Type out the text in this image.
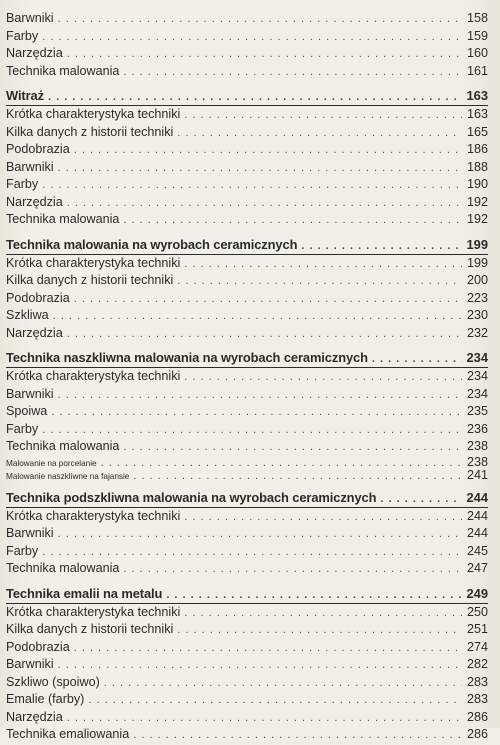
Barwniki . . .	158
Farby . . .	159
Narzędzia . . .	160
Technika malowania . . .	161
Witraż . . .	163
Krótka charakterystyka techniki . . .	163
Kilka danych z historii techniki . . .	165
Podobrazia . . .	186
Barwniki . . .	188
Farby . . .	190
Narzędzia . . .	192
Technika malowania . . .	192
Technika malowania na wyrobach ceramicznych . . .	199
Krótka charakterystyka techniki . . .	199
Kilka danych z historii techniki . . .	200
Podobrazia . . .	223
Szkliwa . . .	230
Narzędzia . . .	232
Technika naszkliwna malowania na wyrobach ceramicznych . . .	234
Krótka charakterystyka techniki . . .	234
Barwniki . . .	234
Spoiwa . . .	235
Farby . . .	236
Technika malowania . . .	238
Malowanie na porcelanie . . .	238
Malowanie naszkliwne na fajansie . . .	241
Technika podszkliwna malowania na wyrobach ceramicznych . . .	244
Krótka charakterystyka techniki . . .	244
Barwniki . . .	244
Farby . . .	245
Technika malowania . . .	247
Technika emalii na metalu . . .	249
Krótka charakterystyka techniki . . .	250
Kilka danych z historii techniki . . .	251
Podobrazia . . .	274
Barwniki . . .	282
Szkliwo (spoiwo) . . .	283
Emalie (farby) . . .	283
Narzędzia . . .	286
Technika emaliowania . . .	286
